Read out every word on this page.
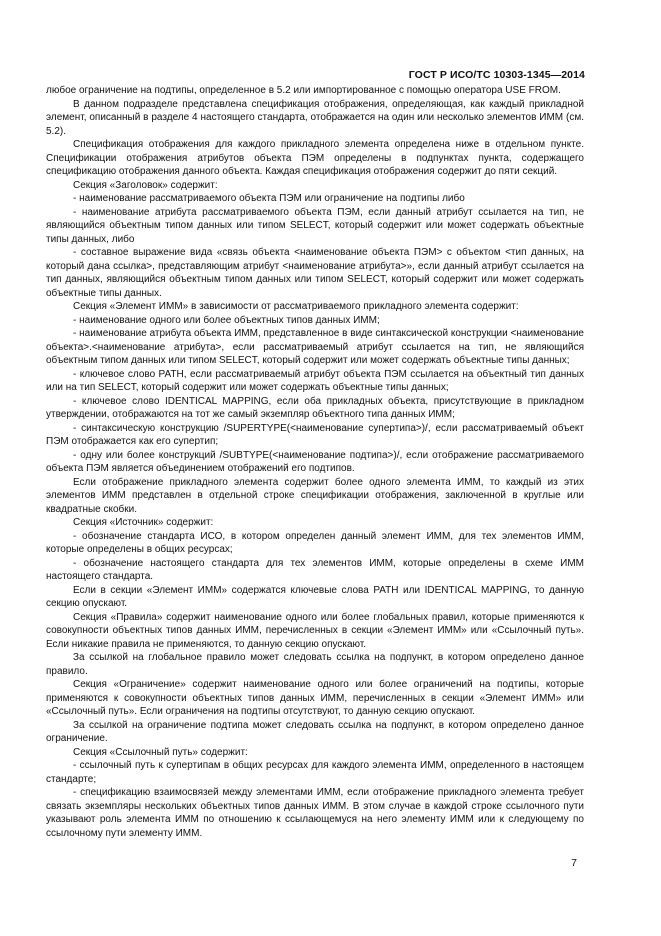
ГОСТ Р ИСО/ТС 10303-1345—2014

любое ограничение на подтипы, определенное в 5.2 или импортированное с помощью оператора USE FROM.

В данном подразделе представлена спецификация отображения, определяющая, как каждый прикладной элемент, описанный в разделе 4 настоящего стандарта, отображается на один или несколько элементов ИММ (см. 5.2).

Спецификация отображения для каждого прикладного элемента определена ниже в отдельном пункте. Спецификации отображения атрибутов объекта ПЭМ определены в подпунктах пункта, содержащего спецификацию отображения данного объекта. Каждая спецификация отображения содержит до пяти секций.

Секция «Заголовок» содержит:

- наименование рассматриваемого объекта ПЭМ или ограничение на подтипы либо

- наименование атрибута рассматриваемого объекта ПЭМ, если данный атрибут ссылается на тип, не являющийся объектным типом данных или типом SELECT, который содержит или может содержать объектные типы данных, либо

- составное выражение вида «связь объекта <наименование объекта ПЭМ> с объектом <тип данных, на который дана ссылка>, представляющим атрибут <наименование атрибута>», если данный атрибут ссылается на тип данных, являющийся объектным типом данных или типом SELECT, который содержит или может содержать объектные типы данных.

Секция «Элемент ИММ» в зависимости от рассматриваемого прикладного элемента содержит:

- наименование одного или более объектных типов данных ИММ;

- наименование атрибута объекта ИММ, представленное в виде синтаксической конструкции <наименование объекта>.<наименование атрибута>, если рассматриваемый атрибут ссылается на тип, не являющийся объектным типом данных или типом SELECT, который содержит или может содержать объектные типы данных;

- ключевое слово PATH, если рассматриваемый атрибут объекта ПЭМ ссылается на объектный тип данных или на тип SELECT, который содержит или может содержать объектные типы данных;

- ключевое слово IDENTICAL MAPPING, если оба прикладных объекта, присутствующие в прикладном утверждении, отображаются на тот же самый экземпляр объектного типа данных ИММ;

- синтаксическую конструкцию /SUPERTYPE(<наименование супертипа>)/, если рассматриваемый объект ПЭМ отображается как его супертип;

- одну или более конструкций /SUBTYPE(<наименование подтипа>)/, если отображение рассматриваемого объекта ПЭМ является объединением отображений его подтипов.

Если отображение прикладного элемента содержит более одного элемента ИММ, то каждый из этих элементов ИММ представлен в отдельной строке спецификации отображения, заключенной в круглые или квадратные скобки.

Секция «Источник» содержит:

- обозначение стандарта ИСО, в котором определен данный элемент ИММ, для тех элементов ИММ, которые определены в общих ресурсах;

- обозначение настоящего стандарта для тех элементов ИММ, которые определены в схеме ИММ настоящего стандарта.

Если в секции «Элемент ИММ» содержатся ключевые слова PATH или IDENTICAL MAPPING, то данную секцию опускают.

Секция «Правила» содержит наименование одного или более глобальных правил, которые применяются к совокупности объектных типов данных ИММ, перечисленных в секции «Элемент ИММ» или «Ссылочный путь». Если никакие правила не применяются, то данную секцию опускают.

За ссылкой на глобальное правило может следовать ссылка на подпункт, в котором определено данное правило.

Секция «Ограничение» содержит наименование одного или более ограничений на подтипы, которые применяются к совокупности объектных типов данных ИММ, перечисленных в секции «Элемент ИММ» или «Ссылочный путь». Если ограничения на подтипы отсутствуют, то данную секцию опускают.

За ссылкой на ограничение подтипа может следовать ссылка на подпункт, в котором определено данное ограничение.

Секция «Ссылочный путь» содержит:

- ссылочный путь к супертипам в общих ресурсах для каждого элемента ИММ, определенного в настоящем стандарте;

- спецификацию взаимосвязей между элементами ИММ, если отображение прикладного элемента требует связать экземпляры нескольких объектных типов данных ИММ. В этом случае в каждой строке ссылочного пути указывают роль элемента ИММ по отношению к ссылающемуся на него элементу ИММ или к следующему по ссылочному пути элементу ИММ.

7
